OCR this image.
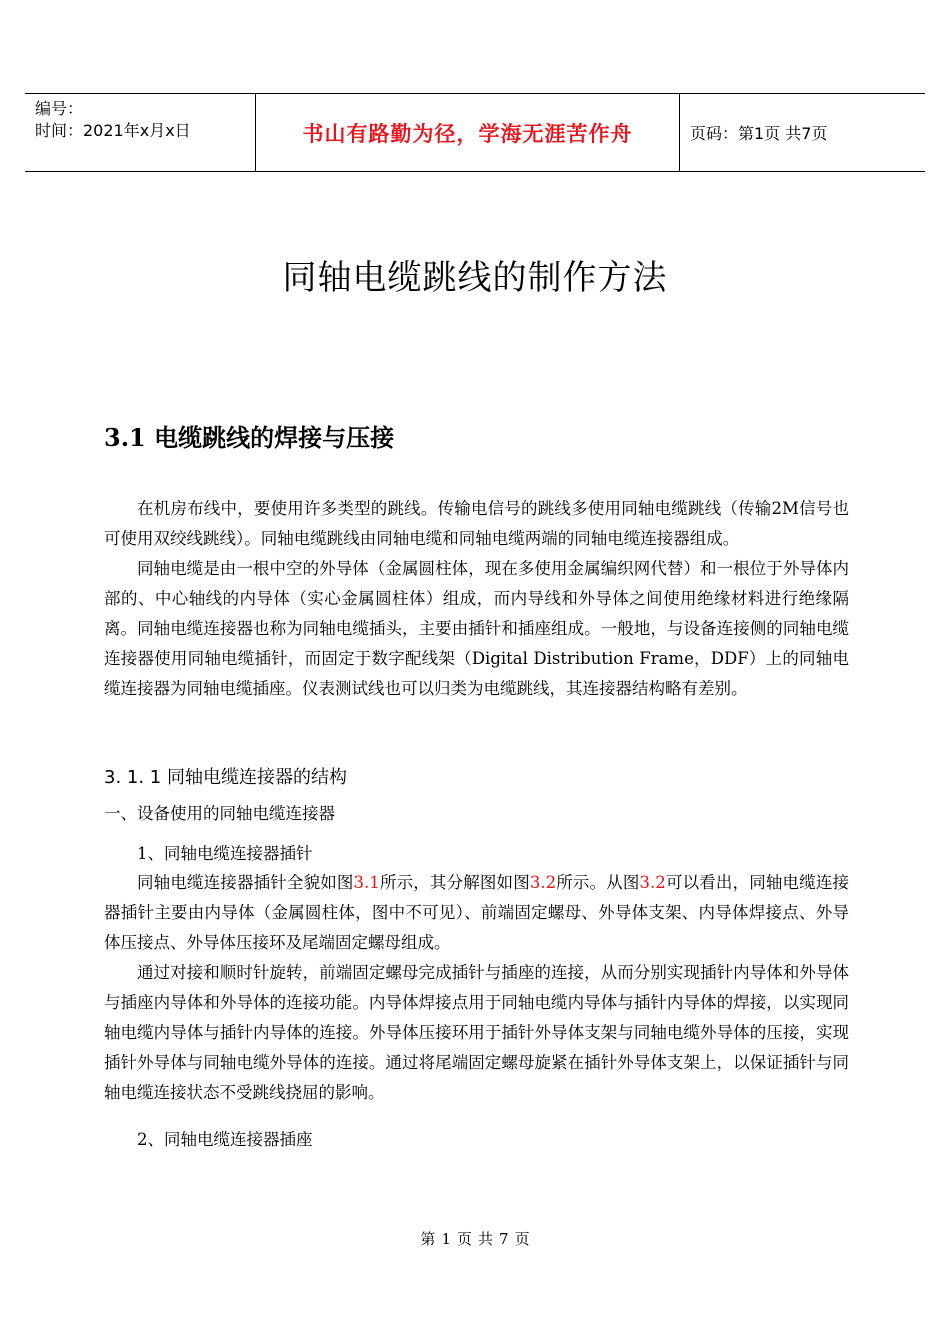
编号：
时间：2021年x月x日	书山有路勤为径，学海无涯苦作舟	页码：第1页 共7页
同轴电缆跳线的制作方法
3.1 电缆跳线的焊接与压接

在机房布线中，要使用许多类型的跳线。传输电信号的跳线多使用同轴电缆跳线（传输2M信号也可使用双绞线跳线）。同轴电缆跳线由同轴电缆和同轴电缆两端的同轴电缆连接器组成。

同轴电缆是由一根中空的外导体（金属圆柱体，现在多使用金属编织网代替）和一根位于外导体内部的、中心轴线的内导体（实心金属圆柱体）组成，而内导线和外导体之间使用绝缘材料进行绝缘隔离。同轴电缆连接器也称为同轴电缆插头，主要由插针和插座组成。一般地，与设备连接侧的同轴电缆连接器使用同轴电缆插针，而固定于数字配线架（Digital Distribution Frame，DDF）上的同轴电缆连接器为同轴电缆插座。仪表测试线也可以归类为电缆跳线，其连接器结构略有差别。

3. 1. 1 同轴电缆连接器的结构
一、设备使用的同轴电缆连接器
1、同轴电缆连接器插针

同轴电缆连接器插针全貌如图3.1所示，其分解图如图3.2所示。从图3.2可以看出，同轴电缆连接器插针主要由内导体（金属圆柱体，图中不可见）、前端固定螺母、外导体支架、内导体焊接点、外导体压接点、外导体压接环及尾端固定螺母组成。

通过对接和顺时针旋转，前端固定螺母完成插针与插座的连接，从而分别实现插针内导体和外导体与插座内导体和外导体的连接功能。内导体焊接点用于同轴电缆内导体与插针内导体的焊接，以实现同轴电缆内导体与插针内导体的连接。外导体压接环用于插针外导体支架与同轴电缆外导体的压接，实现插针外导体与同轴电缆外导体的连接。通过将尾端固定螺母旋紧在插针外导体支架上，以保证插针与同轴电缆连接状态不受跳线挠屈的影响。

2、同轴电缆连接器插座
第 1 页 共 7 页
